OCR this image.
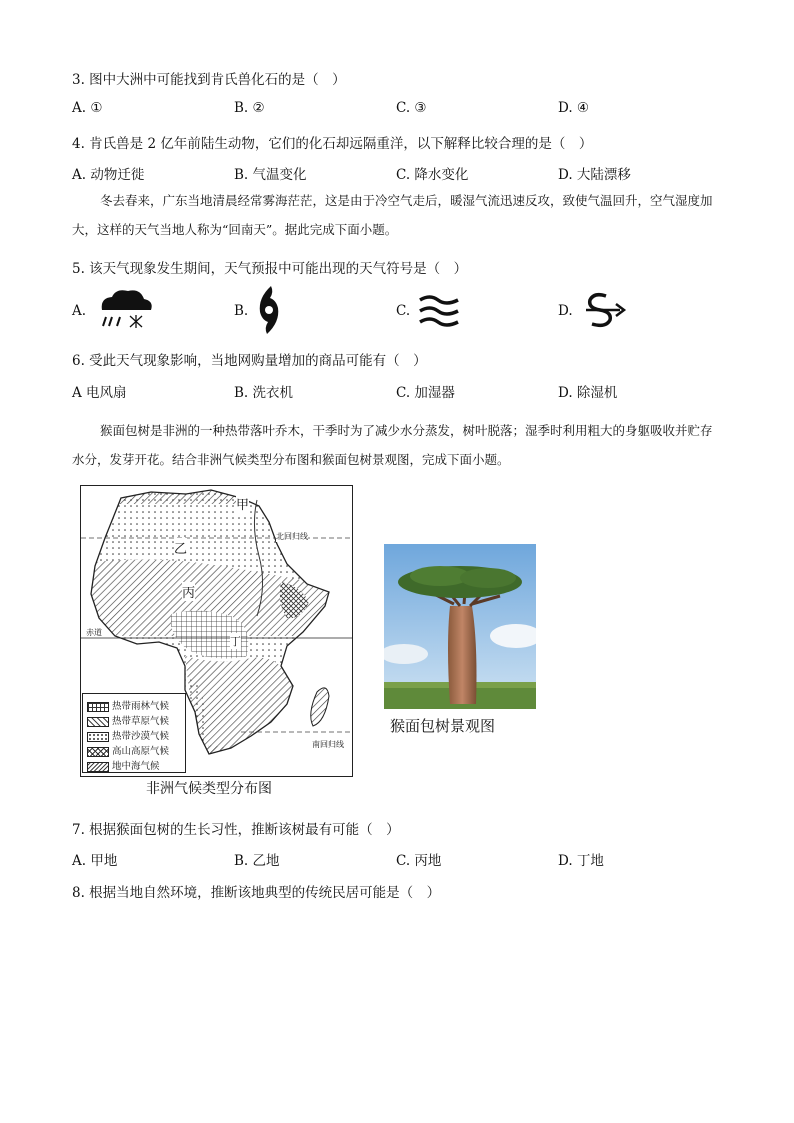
3. 图中大洲中可能找到肯氏兽化石的是（　）
A. ①	B. ②	C. ③	D. ④
4. 肯氏兽是 2 亿年前陆生动物，它们的化石却远隔重洋，以下解释比较合理的是（　）
A. 动物迁徙	B. 气温变化	C. 降水变化	D. 大陆漂移
冬去春来，广东当地清晨经常雾海茫茫，这是由于冷空气走后，暖湿气流迅速反攻，致使气温回升，空气湿度加大，这样的天气当地人称为“回南天”。据此完成下面小题。
5. 该天气现象发生期间，天气预报中可能出现的天气符号是（　）
A.	B.	C.	D.
6. 受此天气现象影响，当地网购量增加的商品可能有（　）
A 电风扇	B. 洗衣机	C. 加湿器	D. 除湿机
猴面包树是非洲的一种热带落叶乔木，干季时为了减少水分蒸发，树叶脱落；湿季时利用粗大的身躯吸收并贮存水分，发芽开花。结合非洲气候类型分布图和猴面包树景观图，完成下面小题。
甲
乙
丙
丁
北回归线
赤道
南回归线
热带雨林气候
热带草原气候
热带沙漠气候
高山高原气候
地中海气候
非洲气候类型分布图
猴面包树景观图
7. 根据猴面包树的生长习性，推断该树最有可能（　）
A. 甲地	B. 乙地	C. 丙地	D. 丁地
8. 根据当地自然环境，推断该地典型的传统民居可能是（　）
